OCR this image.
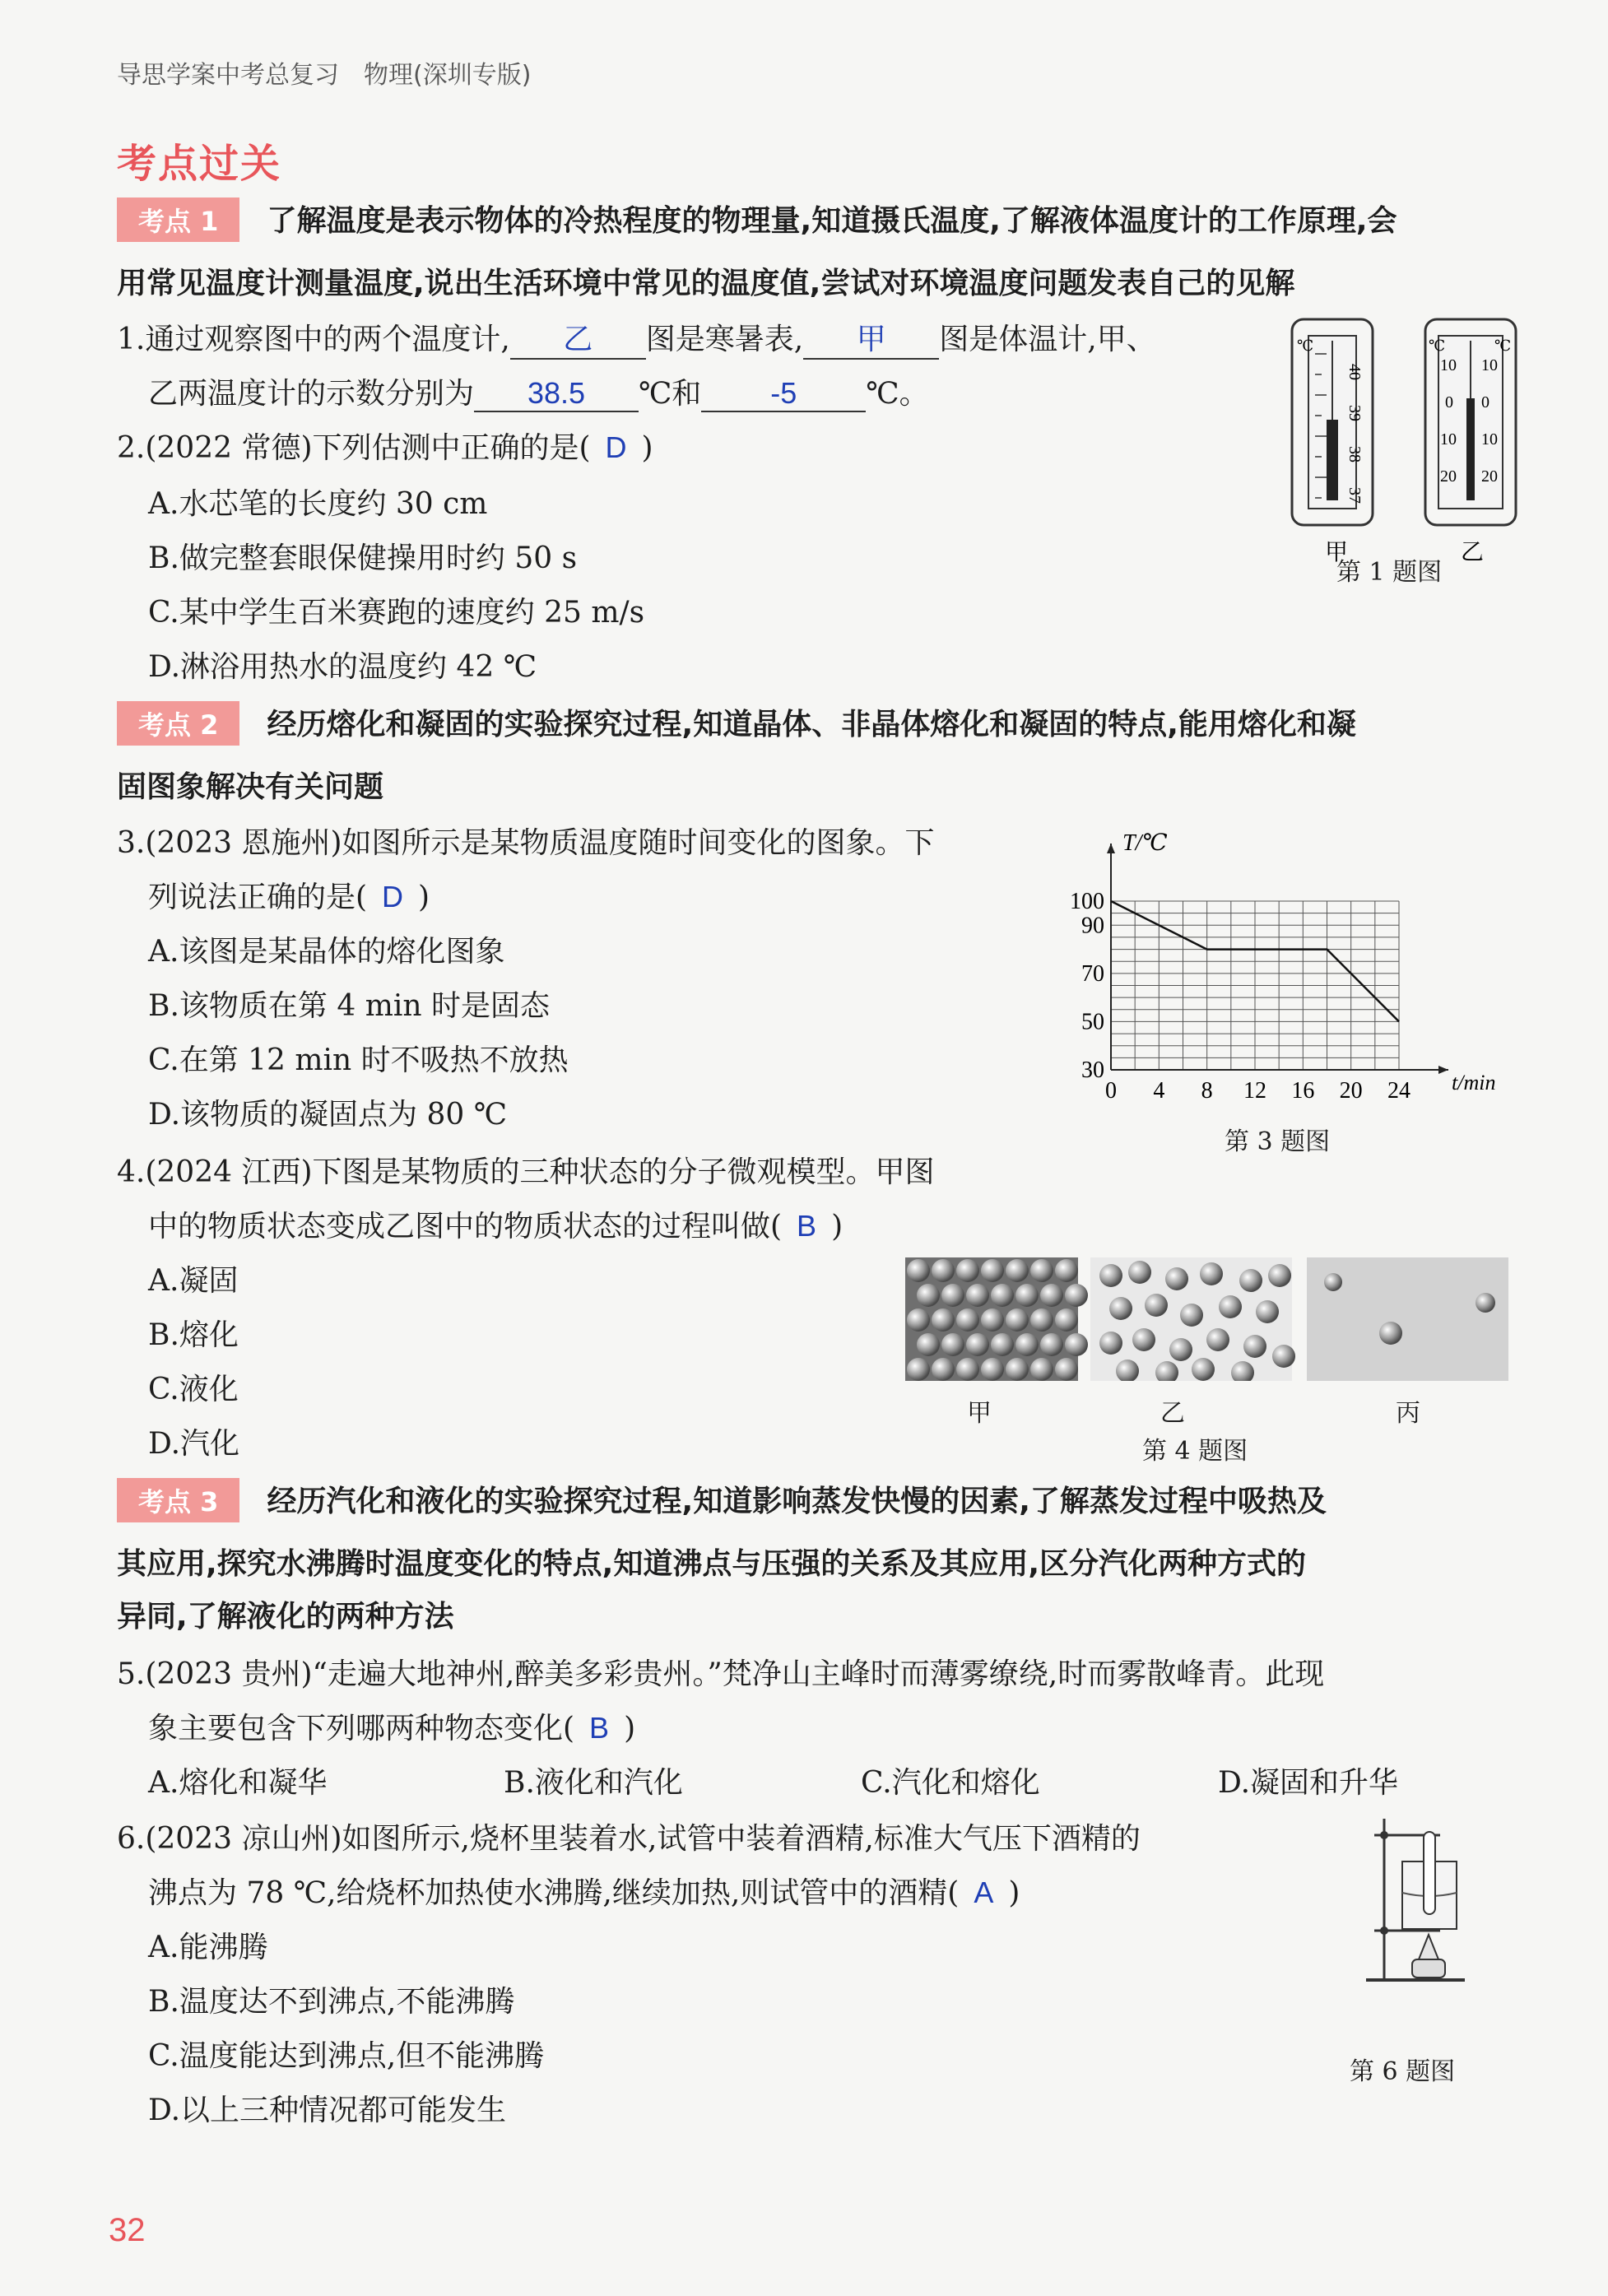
导思学案中考总复习　物理(深圳专版)
考点过关
考点 1 了解温度是表示物体的冷热程度的物理量,知道摄氏温度,了解液体温度计的工作原理,会
用常见温度计测量温度,说出生活环境中常见的温度值,尝试对环境温度问题发表自己的见解
1.通过观察图中的两个温度计, 乙 图是寒暑表, 甲 图是体温计,甲、
乙两温度计的示数分别为 38.5 ℃和 -5 ℃。
℃
40
39
38
37
℃	℃
10 10
0 0
10 10
20 20
甲	乙
第 1 题图
2.(2022 常德)下列估测中正确的是( D )
A.水芯笔的长度约 30 cm
B.做完整套眼保健操用时约 50 s
C.某中学生百米赛跑的速度约 25 m/s
D.淋浴用热水的温度约 42 ℃
考点 2 经历熔化和凝固的实验探究过程,知道晶体、非晶体熔化和凝固的特点,能用熔化和凝
固图象解决有关问题
3.(2023 恩施州)如图所示是某物质温度随时间变化的图象。下
列说法正确的是( D )
A.该图是某晶体的熔化图象
B.该物质在第 4 min 时是固态
C.在第 12 min 时不吸热不放热
D.该物质的凝固点为 80 ℃
0 4 8 12 16 20 24
30
50
70
90
100
T/℃
t/min
第 3 题图
4.(2024 江西)下图是某物质的三种状态的分子微观模型。甲图
中的物质状态变成乙图中的物质状态的过程叫做( B )
A.凝固
B.熔化
C.液化
D.汽化
甲	乙	丙
第 4 题图
考点 3 经历汽化和液化的实验探究过程,知道影响蒸发快慢的因素,了解蒸发过程中吸热及
其应用,探究水沸腾时温度变化的特点,知道沸点与压强的关系及其应用,区分汽化两种方式的
异同,了解液化的两种方法
5.(2023 贵州)“走遍大地神州,醉美多彩贵州。”梵净山主峰时而薄雾缭绕,时而雾散峰青。此现
象主要包含下列哪两种物态变化( B )
A.熔化和凝华	B.液化和汽化	C.汽化和熔化	D.凝固和升华
6.(2023 凉山州)如图所示,烧杯里装着水,试管中装着酒精,标准大气压下酒精的
沸点为 78 ℃,给烧杯加热使水沸腾,继续加热,则试管中的酒精( A )
A.能沸腾
B.温度达不到沸点,不能沸腾
C.温度能达到沸点,但不能沸腾
D.以上三种情况都可能发生
第 6 题图
32
